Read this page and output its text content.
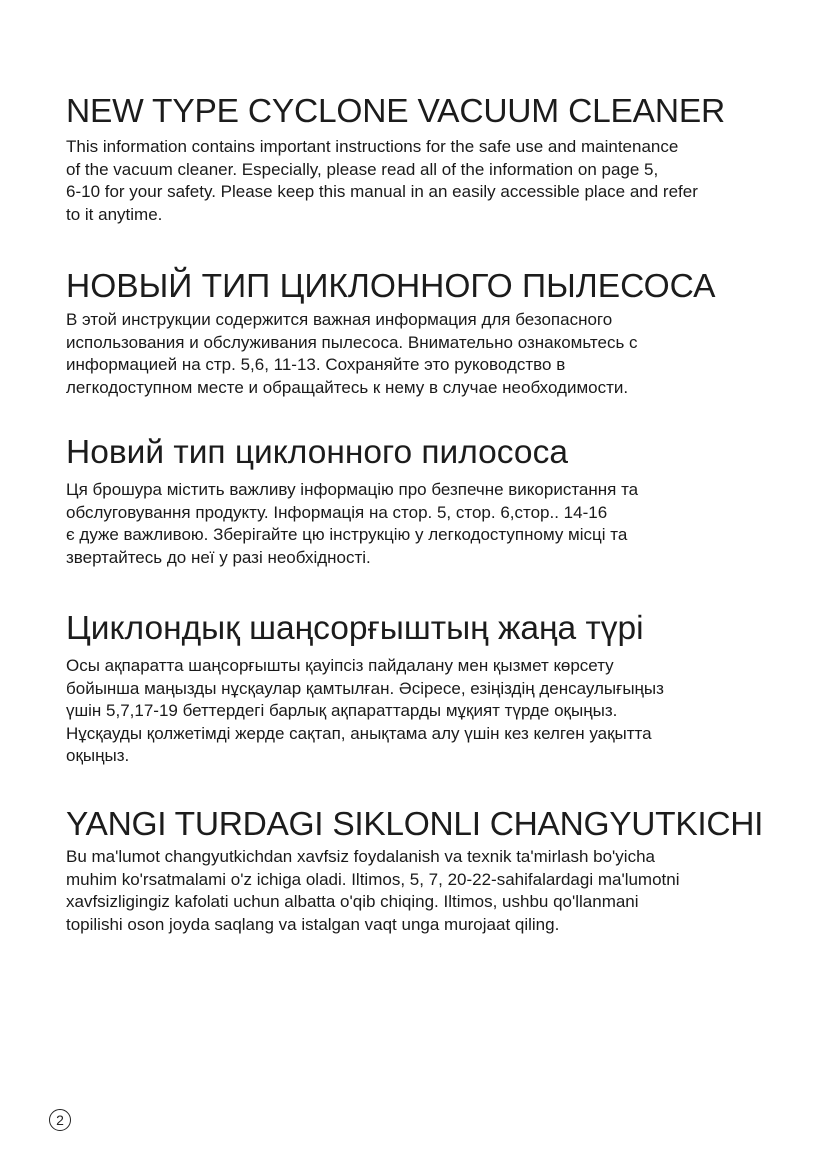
NEW TYPE CYCLONE VACUUM CLEANER

This information contains important instructions for the safe use and maintenance
of the vacuum cleaner. Especially, please read all of the information on page 5,
6-10 for your safety. Please keep this manual in an easily accessible place and refer
to it anytime.

НОВЫЙ ТИП ЦИКЛОННОГО ПЫЛЕСОСА

В этой инструкции содержится важная информация для безопасного
использования и обслуживания пылесоса. Внимательно ознакомьтесь с
информацией на стр. 5,6, 11-13. Сохраняйте это руководство в
легкодоступном месте и обращайтесь к нему в случае необходимости.

Новий тип циклонного пилососа

Ця брошура містить важливу інформацію про безпечне використання та
обслуговування продукту. Інформація на стор. 5, стор. 6,стор.. 14-16
є дуже важливою. Зберігайте цю інструкцію у легкодоступному місці та
звертайтесь до неї у разі необхідності.

Циклондық шаңсорғыштың жаңа түрі

Осы ақпаратта шаңсорғышты қауіпсіз пайдалану мен қызмет көрсету
бойынша маңызды нұсқаулар қамтылған. Әсіресе, езіңіздің денсаулығыңыз
үшін 5,7,17-19 беттердегі барлық ақпараттарды мұқият түрде оқыңыз.
Нұсқауды қолжетімді жерде сақтап, анықтама алу үшін кез келген уақытта
оқыңыз.

YANGI TURDAGI SIKLONLI CHANGYUTKICHI

Bu ma'lumot changyutkichdan xavfsiz foydalanish va texnik ta'mirlash bo'yicha
muhim ko'rsatmalami o'z ichiga oladi. Iltimos, 5, 7, 20-22-sahifalardagi ma'lumotni
xavfsizligingiz kafolati uchun albatta o'qib chiqing. Iltimos, ushbu qo'llanmani
topilishi oson joyda saqlang va istalgan vaqt unga murojaat qiling.

2
